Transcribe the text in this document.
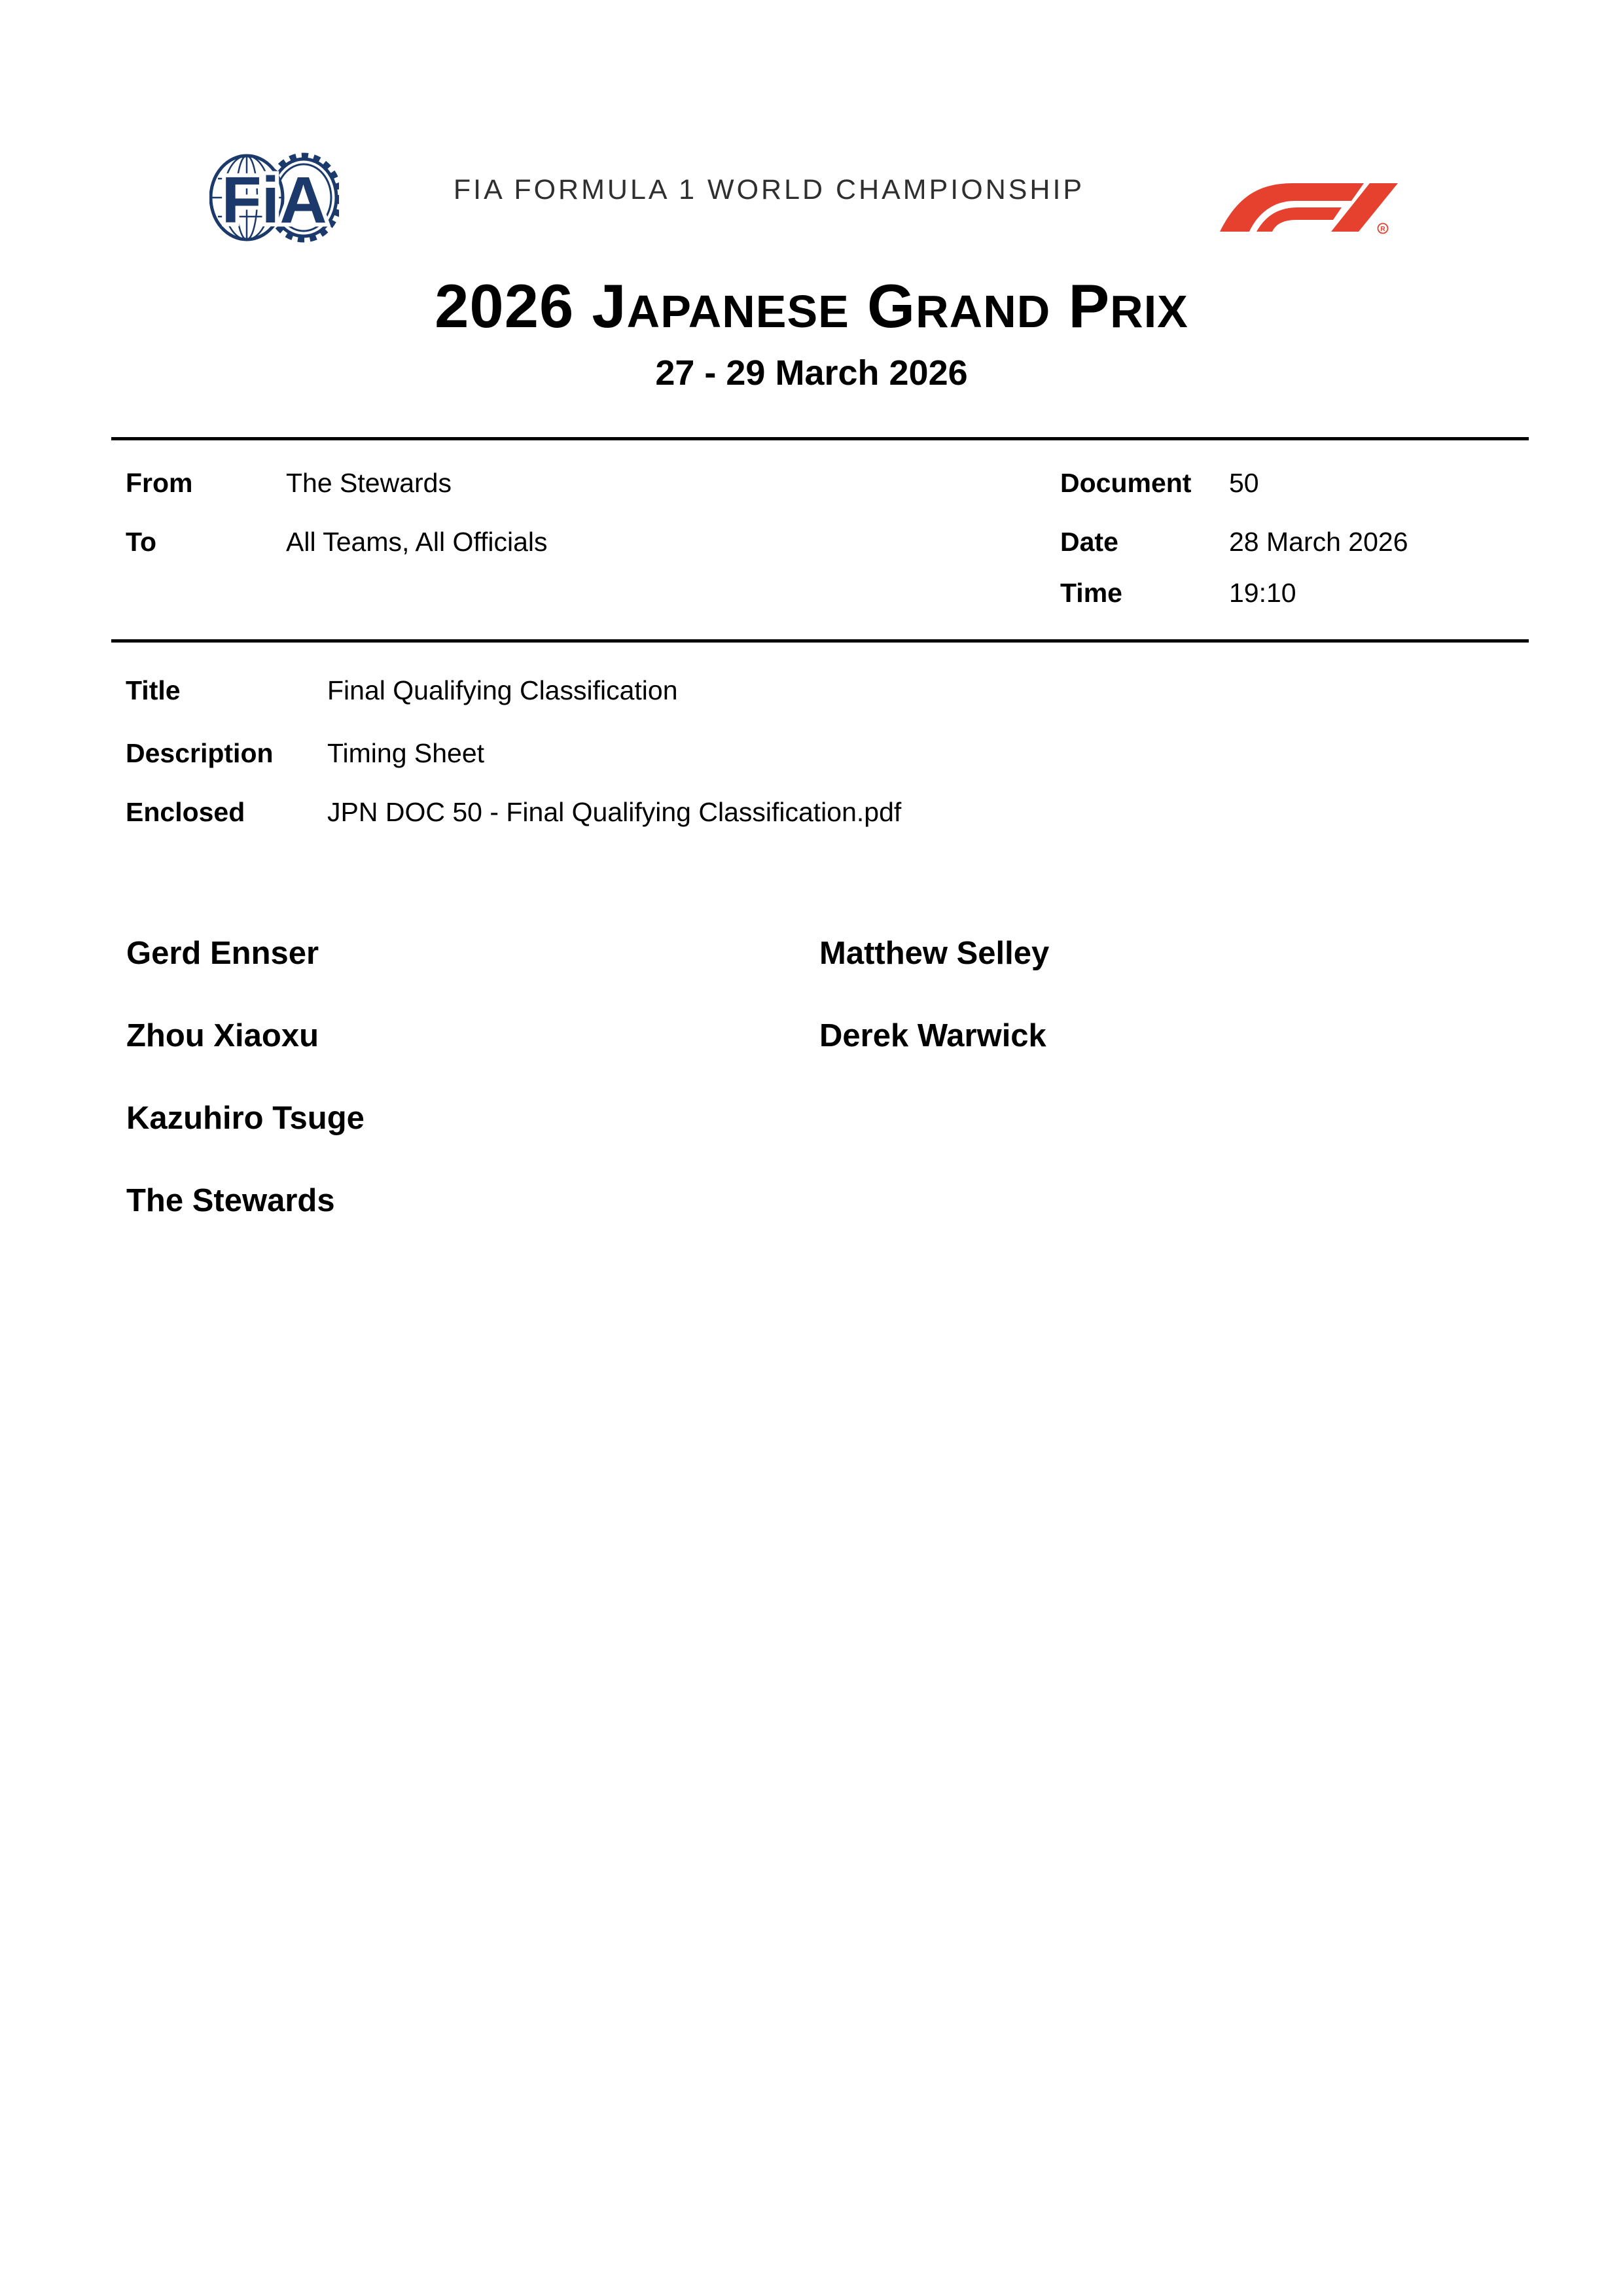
FiA	FIA FORMULA 1 WORLD CHAMPIONSHIP
R
2026 JAPANESE GRAND PRIX
27 - 29 March 2026
From	The Stewards
To	All Teams, All Officials
Document 50
Date	28 March 2026
Time	19:10
Title	Final Qualifying Classification
Description Timing Sheet
Enclosed	JPN DOC 50 - Final Qualifying Classification.pdf
Gerd Ennser	Matthew Selley
Zhou Xiaoxu	Derek Warwick
Kazuhiro Tsuge
The Stewards
